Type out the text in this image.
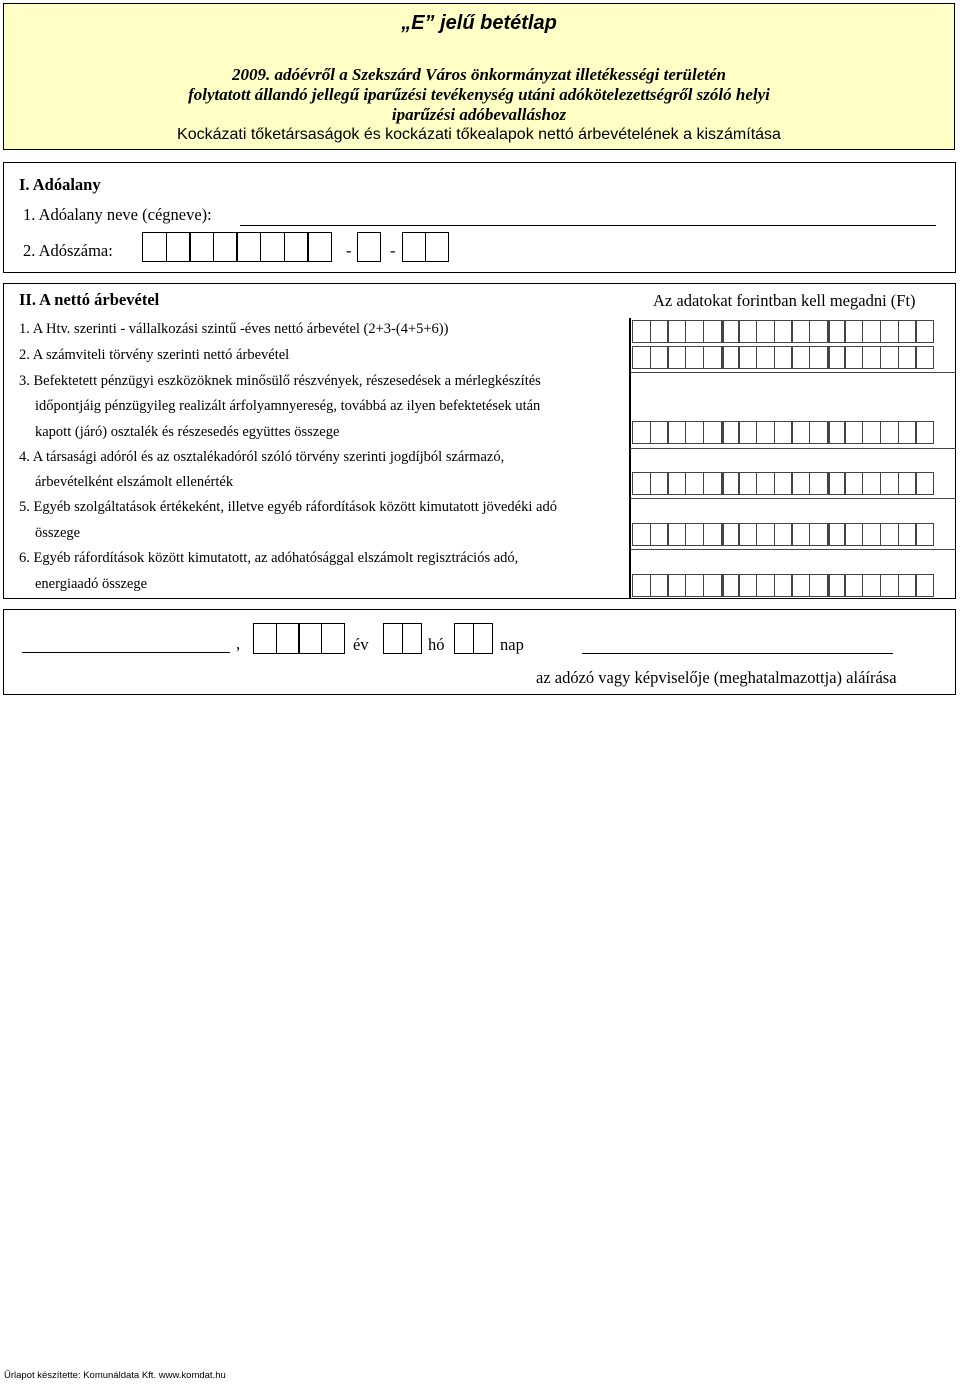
„E” jelű betétlap
2009. adóévről a Szekszárd Város önkormányzat illetékességi területén
folytatott állandó jellegű iparűzési tevékenység utáni adókötelezettségről szóló helyi
iparűzési adóbevalláshoz
Kockázati tőketársaságok és kockázati tőkealapok nettó árbevételének a kiszámítása
I. Adóalany
1. Adóalany neve (cégneve):
2. Adószáma:	- -
II. A nettó árbevétel	Az adatokat forintban kell megadni (Ft)
1. A Htv. szerinti - vállalkozási szintű -éves nettó árbevétel (2+3-(4+5+6))
2. A számviteli törvény szerinti nettó árbevétel
3. Befektetett pénzügyi eszközöknek minősülő részvények, részesedések a mérlegkészítés
időpontjáig pénzügyileg realizált árfolyamnyereség, továbbá az ilyen befektetések után
kapott (járó) osztalék és részesedés együttes összege
4. A társasági adóról és az osztalékadóról szóló törvény szerinti jogdíjból származó,
árbevételként elszámolt ellenérték
5. Egyéb szolgáltatások értékeként, illetve egyéb ráfordítások között kimutatott jövedéki adó
összege
6. Egyéb ráfordítások között kimutatott, az adóhatósággal elszámolt regisztrációs adó,
energiaadó összege
,	év	hó	nap
az adózó vagy képviselője (meghatalmazottja) aláírása
Űrlapot készítette: Komunáldata Kft. www.komdat.hu
